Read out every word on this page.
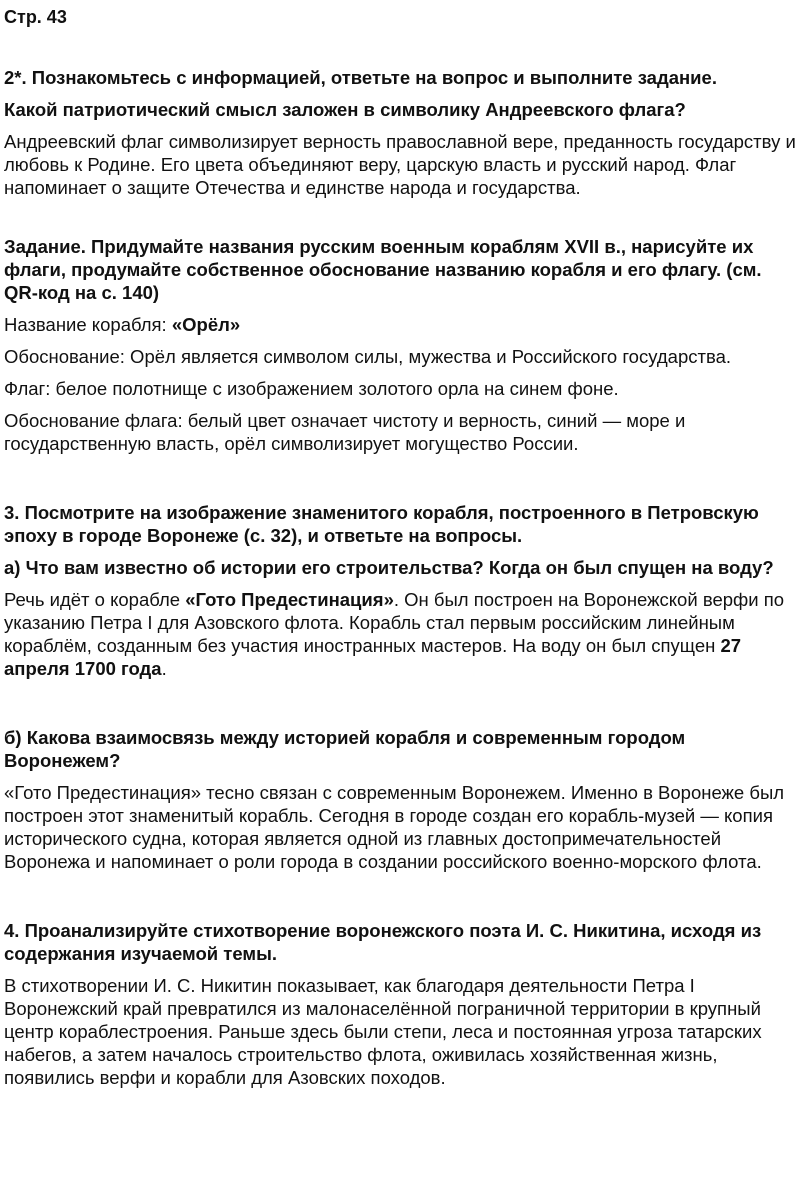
Стр. 43
2*. Познакомьтесь с информацией, ответьте на вопрос и выполните задание.
Какой патриотический смысл заложен в символику Андреевского флага?
Андреевский флаг символизирует верность православной вере, преданность государству и любовь к Родине. Его цвета объединяют веру, царскую власть и русский народ. Флаг напоминает о защите Отечества и единстве народа и государства.
Задание. Придумайте названия русским военным кораблям XVII в., нарисуйте их флаги, продумайте собственное обоснование названию корабля и его флагу. (см. QR-код на с. 140)
Название корабля: «Орёл»
Обоснование: Орёл является символом силы, мужества и Российского государства.
Флаг: белое полотнище с изображением золотого орла на синем фоне.
Обоснование флага: белый цвет означает чистоту и верность, синий — море и государственную власть, орёл символизирует могущество России.
3. Посмотрите на изображение знаменитого корабля, построенного в Петровскую эпоху в городе Воронеже (с. 32), и ответьте на вопросы.
а) Что вам известно об истории его строительства? Когда он был спущен на воду?
Речь идёт о корабле «Гото Предестинация». Он был построен на Воронежской верфи по указанию Петра I для Азовского флота. Корабль стал первым российским линейным кораблём, созданным без участия иностранных мастеров. На воду он был спущен 27 апреля 1700 года.
б) Какова взаимосвязь между историей корабля и современным городом Воронежем?
«Гото Предестинация» тесно связан с современным Воронежем. Именно в Воронеже был построен этот знаменитый корабль. Сегодня в городе создан его корабль-музей — копия исторического судна, которая является одной из главных достопримечательностей Воронежа и напоминает о роли города в создании российского военно-морского флота.
4. Проанализируйте стихотворение воронежского поэта И. С. Никитина, исходя из содержания изучаемой темы.
В стихотворении И. С. Никитин показывает, как благодаря деятельности Петра I Воронежский край превратился из малонаселённой пограничной территории в крупный центр кораблестроения. Раньше здесь были степи, леса и постоянная угроза татарских набегов, а затем началось строительство флота, оживилась хозяйственная жизнь, появились верфи и корабли для Азовских походов.
